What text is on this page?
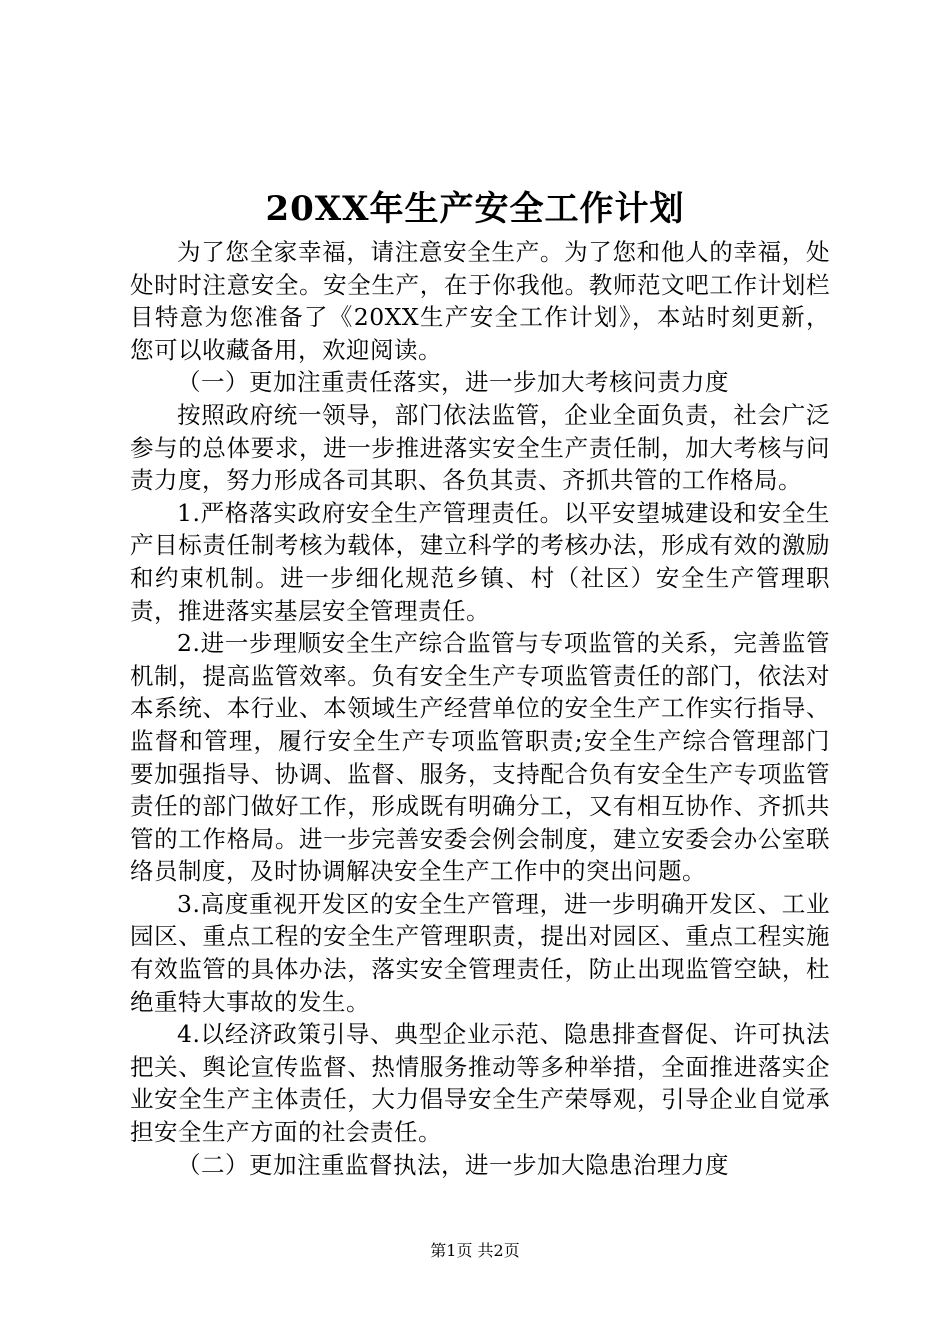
20XX年生产安全工作计划

为了您全家幸福，请注意安全生产。为了您和他人的幸福，处处时时注意安全。安全生产，在于你我他。教师范文吧工作计划栏目特意为您准备了《20XX生产安全工作计划》，本站时刻更新，您可以收藏备用，欢迎阅读。

（一）更加注重责任落实，进一步加大考核问责力度

按照政府统一领导，部门依法监管，企业全面负责，社会广泛参与的总体要求，进一步推进落实安全生产责任制，加大考核与问责力度，努力形成各司其职、各负其责、齐抓共管的工作格局。

1.严格落实政府安全生产管理责任。以平安望城建设和安全生产目标责任制考核为载体，建立科学的考核办法，形成有效的激励和约束机制。进一步细化规范乡镇、村（社区）安全生产管理职责，推进落实基层安全管理责任。

2.进一步理顺安全生产综合监管与专项监管的关系，完善监管机制，提高监管效率。负有安全生产专项监管责任的部门，依法对本系统、本行业、本领域生产经营单位的安全生产工作实行指导、监督和管理，履行安全生产专项监管职责;安全生产综合管理部门要加强指导、协调、监督、服务，支持配合负有安全生产专项监管责任的部门做好工作，形成既有明确分工，又有相互协作、齐抓共管的工作格局。进一步完善安委会例会制度，建立安委会办公室联络员制度，及时协调解决安全生产工作中的突出问题。

3.高度重视开发区的安全生产管理，进一步明确开发区、工业园区、重点工程的安全生产管理职责，提出对园区、重点工程实施有效监管的具体办法，落实安全管理责任，防止出现监管空缺，杜绝重特大事故的发生。

4.以经济政策引导、典型企业示范、隐患排查督促、许可执法把关、舆论宣传监督、热情服务推动等多种举措，全面推进落实企业安全生产主体责任，大力倡导安全生产荣辱观，引导企业自觉承担安全生产方面的社会责任。

（二）更加注重监督执法，进一步加大隐患治理力度

第1页 共2页
